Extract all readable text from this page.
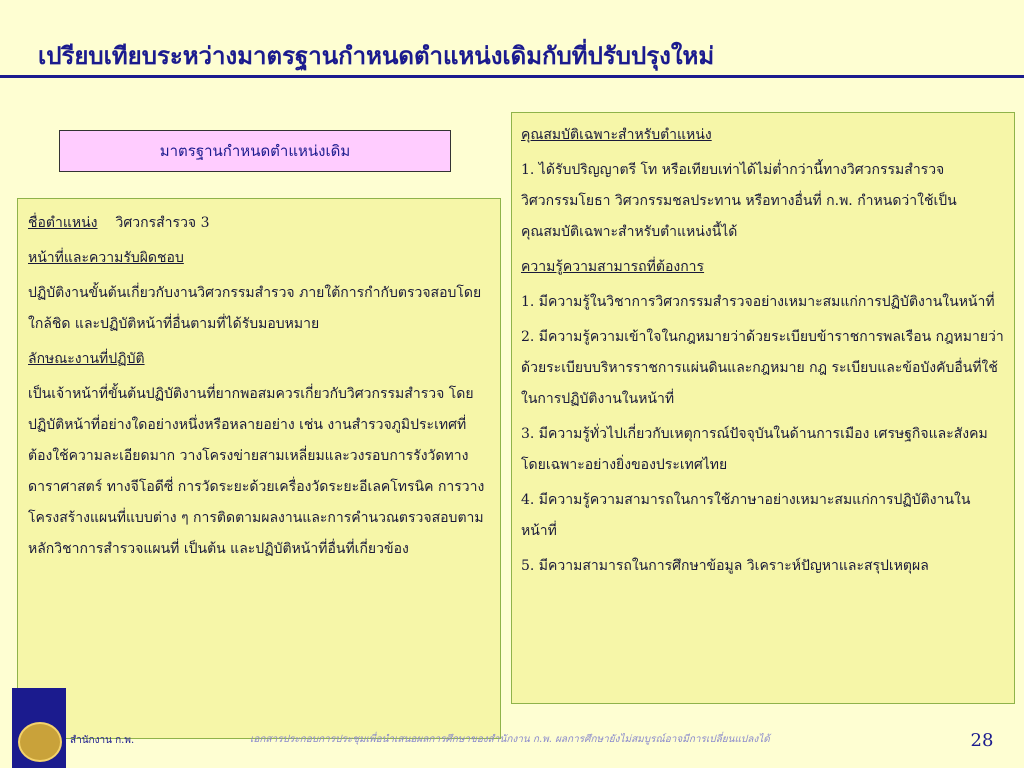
เปรียบเทียบระหว่างมาตรฐานกำหนดตำแหน่งเดิมกับที่ปรับปรุงใหม่
มาตรฐานกำหนดตำแหน่งเดิม
ชื่อตำแหน่ง วิศวกรสำรวจ 3
หน้าที่และความรับผิดชอบ
ปฏิบัติงานขั้นต้นเกี่ยวกับงานวิศวกรรมสำรวจ ภายใต้การกำกับตรวจสอบโดยใกล้ชิด และปฏิบัติหน้าที่อื่นตามที่ได้รับมอบหมาย
ลักษณะงานที่ปฏิบัติ
เป็นเจ้าหน้าที่ขั้นต้นปฏิบัติงานที่ยากพอสมควรเกี่ยวกับวิศวกรรมสำรวจ โดยปฏิบัติหน้าที่อย่างใดอย่างหนึ่งหรือหลายอย่าง เช่น งานสำรวจภูมิประเทศที่ต้องใช้ความละเอียดมาก วางโครงข่ายสามเหลี่ยมและวงรอบการรังวัดทางดาราศาสตร์ ทางจีโอดีซี่ การวัดระยะด้วยเครื่องวัดระยะอีเลคโทรนิค การวางโครงสร้างแผนที่แบบต่าง ๆ การติดตามผลงานและการคำนวณตรวจสอบตามหลักวิชาการสำรวจแผนที่ เป็นต้น และปฏิบัติหน้าที่อื่นที่เกี่ยวข้อง
คุณสมบัติเฉพาะสำหรับตำแหน่ง
1. ได้รับปริญญาตรี โท หรือเทียบเท่าได้ไม่ต่ำกว่านี้ทางวิศวกรรมสำรวจ วิศวกรรมโยธา วิศวกรรมชลประทาน หรือทางอื่นที่ ก.พ. กำหนดว่าใช้เป็นคุณสมบัติเฉพาะสำหรับตำแหน่งนี้ได้
ความรู้ความสามารถที่ต้องการ
1. มีความรู้ในวิชาการวิศวกรรมสำรวจอย่างเหมาะสมแก่การปฏิบัติงานในหน้าที่
2. มีความรู้ความเข้าใจในกฎหมายว่าด้วยระเบียบข้าราชการพลเรือน กฎหมายว่าด้วยระเบียบบริหารราชการแผ่นดินและกฎหมาย กฎ ระเบียบและข้อบังคับอื่นที่ใช้ในการปฏิบัติงานในหน้าที่
3. มีความรู้ทั่วไปเกี่ยวกับเหตุการณ์ปัจจุบันในด้านการเมือง เศรษฐกิจและสังคม โดยเฉพาะอย่างยิ่งของประเทศไทย
4. มีความรู้ความสามารถในการใช้ภาษาอย่างเหมาะสมแก่การปฏิบัติงานในหน้าที่
5. มีความสามารถในการศึกษาข้อมูล วิเคราะห์ปัญหาและสรุปเหตุผล
สำนักงาน ก.พ.	เอกสารประกอบการประชุมเพื่อนำเสนอผลการศึกษาของสำนักงาน ก.พ. ผลการศึกษายังไม่สมบูรณ์อาจมีการเปลี่ยนแปลงได้	28
